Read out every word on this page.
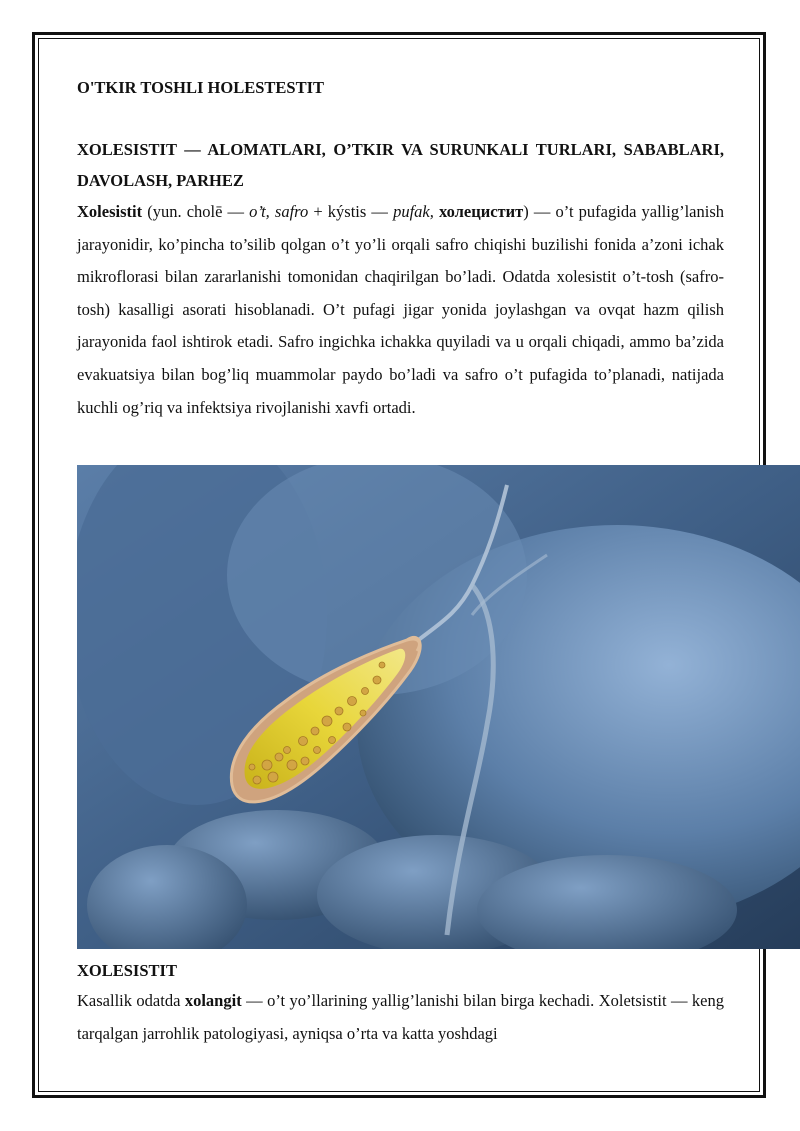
O'TKIR TOSHLI HOLESTESTIT

XOLESISTIT — ALOMATLARI, O’TKIR VA SURUNKALI TURLARI, SABABLARI, DAVOLASH, PARHEZ

Xolesistit (yun. cholē — o’t, safro + kýstis — pufak, холецистит) — o’t pufagida yallig’lanish jarayonidir, ko’pincha to’silib qolgan o’t yo’li orqali safro chiqishi buzilishi fonida a’zoni ichak mikroflorasi bilan zararlanishi tomonidan chaqirilgan bo’ladi. Odatda xolesistit o’t-tosh (safro-tosh) kasalligi asorati hisoblanadi. O’t pufagi jigar yonida joylashgan va ovqat hazm qilish jarayonida faol ishtirok etadi. Safro ingichka ichakka quyiladi va u orqali chiqadi, ammo ba’zida evakuatsiya bilan bog’liq muammolar paydo bo’ladi va safro o’t pufagida to’planadi, natijada kuchli og’riq va infektsiya rivojlanishi xavfi ortadi.

XOLESISTIT

Kasallik odatda xolangit — o’t yo’llarining yallig’lanishi bilan birga kechadi. Xoletsistit — keng tarqalgan jarrohlik patologiyasi, ayniqsa o’rta va katta yoshdagi
